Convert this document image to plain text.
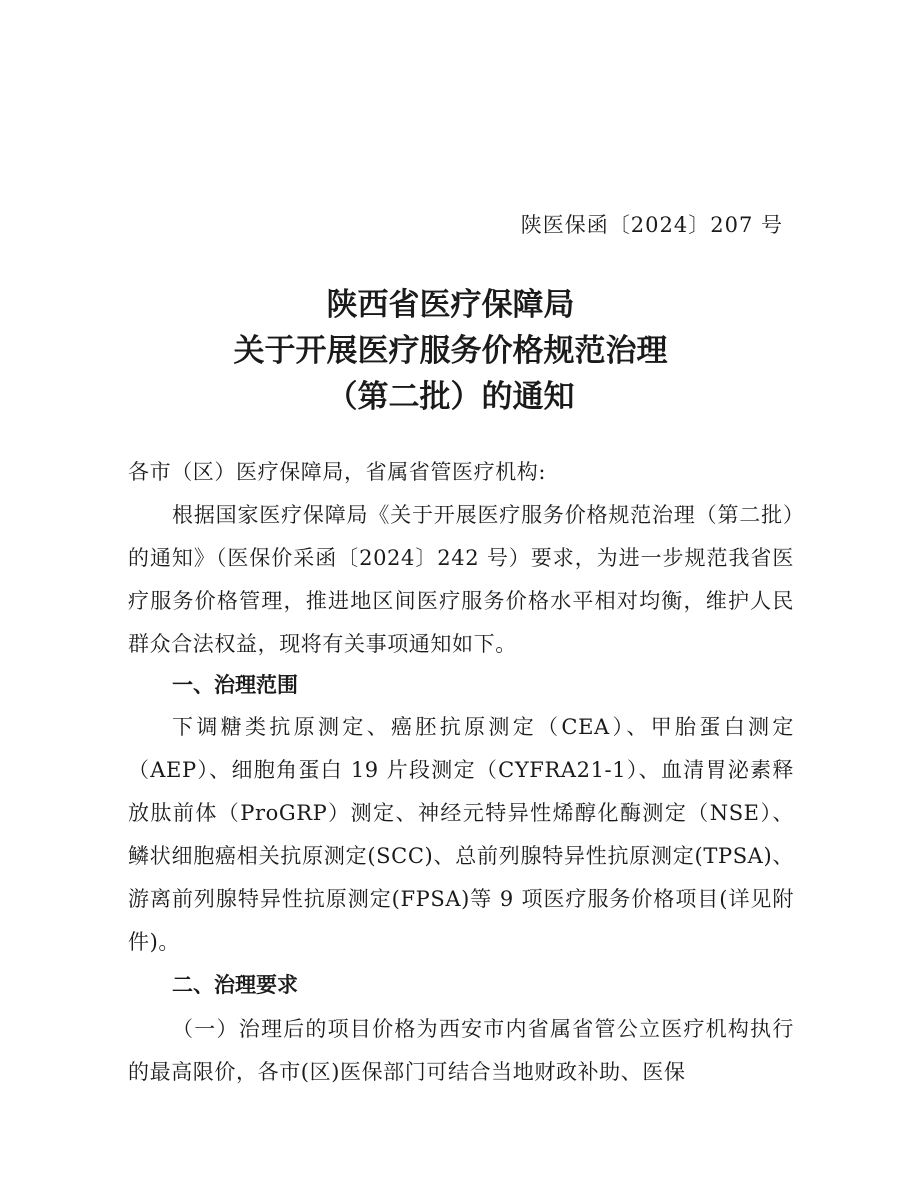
陕医保函〔2024〕207 号
陕西省医疗保障局
关于开展医疗服务价格规范治理
（第二批）的通知
各市（区）医疗保障局，省属省管医疗机构:
根据国家医疗保障局《关于开展医疗服务价格规范治理（第二批）的通知》（医保价采函〔2024〕242 号）要求，为进一步规范我省医疗服务价格管理，推进地区间医疗服务价格水平相对均衡，维护人民群众合法权益，现将有关事项通知如下。
一、治理范围
下调糖类抗原测定、癌胚抗原测定（CEA）、甲胎蛋白测定（AEP）、细胞角蛋白 19 片段测定（CYFRA21-1）、血清胃泌素释放肽前体（ProGRP）测定、神经元特异性烯醇化酶测定（NSE）、鳞状细胞癌相关抗原测定(SCC)、总前列腺特异性抗原测定(TPSA)、游离前列腺特异性抗原测定(FPSA)等 9 项医疗服务价格项目(详见附件)。
二、治理要求
（一）治理后的项目价格为西安市内省属省管公立医疗机构执行的最高限价，各市(区)医保部门可结合当地财政补助、医保
